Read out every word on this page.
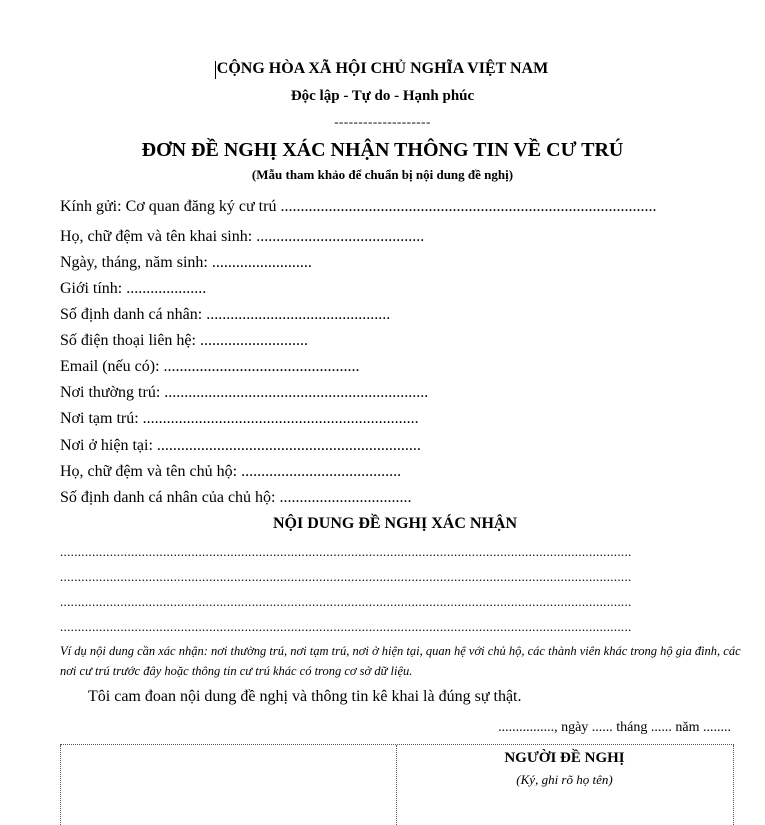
CỘNG HÒA XÃ HỘI CHỦ NGHĨA VIỆT NAM
Độc lập - Tự do - Hạnh phúc
--------------------
ĐƠN ĐỀ NGHỊ XÁC NHẬN THÔNG TIN VỀ CƯ TRÚ
(Mẫu tham khảo để chuẩn bị nội dung đề nghị)
Kính gửi: Cơ quan đăng ký cư trú ..............................................................................................
Họ, chữ đệm và tên khai sinh: ..........................................
Ngày, tháng, năm sinh: .........................
Giới tính: ....................
Số định danh cá nhân: ..............................................
Số điện thoại liên hệ: ...........................
Email (nếu có): .................................................
Nơi thường trú: ..................................................................
Nơi tạm trú: .....................................................................
Nơi ở hiện tại: ..................................................................
Họ, chữ đệm và tên chủ hộ: ........................................
Số định danh cá nhân của chủ hộ: .................................
NỘI DUNG ĐỀ NGHỊ XÁC NHẬN
.................................................................................................................................................................
.................................................................................................................................................................
.................................................................................................................................................................
.................................................................................................................................................................
Ví dụ nội dung cần xác nhận: nơi thường trú, nơi tạm trú, nơi ở hiện tại, quan hệ với chủ hộ, các thành viên khác trong hộ gia đình, các nơi cư trú trước đây hoặc thông tin cư trú khác có trong cơ sở dữ liệu.
Tôi cam đoan nội dung đề nghị và thông tin kê khai là đúng sự thật.
................, ngày ...... tháng ...... năm ........
NGƯỜI ĐỀ NGHỊ
(Ký, ghi rõ họ tên)
